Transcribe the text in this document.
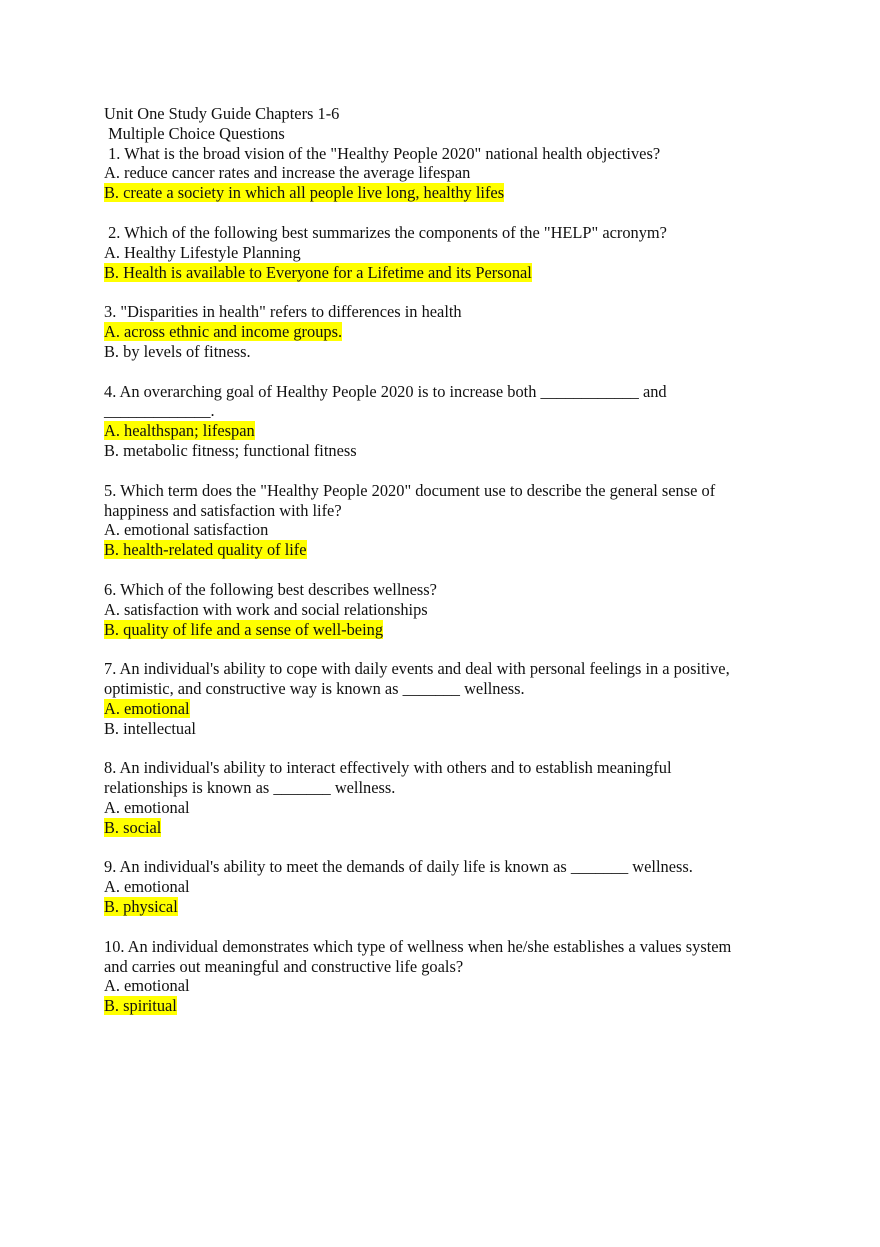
Unit One Study Guide Chapters 1-6
Multiple Choice Questions
1. What is the broad vision of the "Healthy People 2020" national health objectives?
A. reduce cancer rates and increase the average lifespan
B. create a society in which all people live long, healthy lifes
2. Which of the following best summarizes the components of the "HELP" acronym?
A. Healthy Lifestyle Planning
B. Health is available to Everyone for a Lifetime and its Personal
3. "Disparities in health" refers to differences in health
A. across ethnic and income groups.
B. by levels of fitness.
4. An overarching goal of Healthy People 2020 is to increase both ____________ and
_____________.
A. healthspan; lifespan
B. metabolic fitness; functional fitness
5. Which term does the "Healthy People 2020" document use to describe the general sense of
happiness and satisfaction with life?
A. emotional satisfaction
B. health-related quality of life
6. Which of the following best describes wellness?
A. satisfaction with work and social relationships
B. quality of life and a sense of well-being
7. An individual's ability to cope with daily events and deal with personal feelings in a positive,
optimistic, and constructive way is known as _______ wellness.
A. emotional
B. intellectual
8. An individual's ability to interact effectively with others and to establish meaningful
relationships is known as _______ wellness.
A. emotional
B. social
9. An individual's ability to meet the demands of daily life is known as _______ wellness.
A. emotional
B. physical
10. An individual demonstrates which type of wellness when he/she establishes a values system
and carries out meaningful and constructive life goals?
A. emotional
B. spiritual
